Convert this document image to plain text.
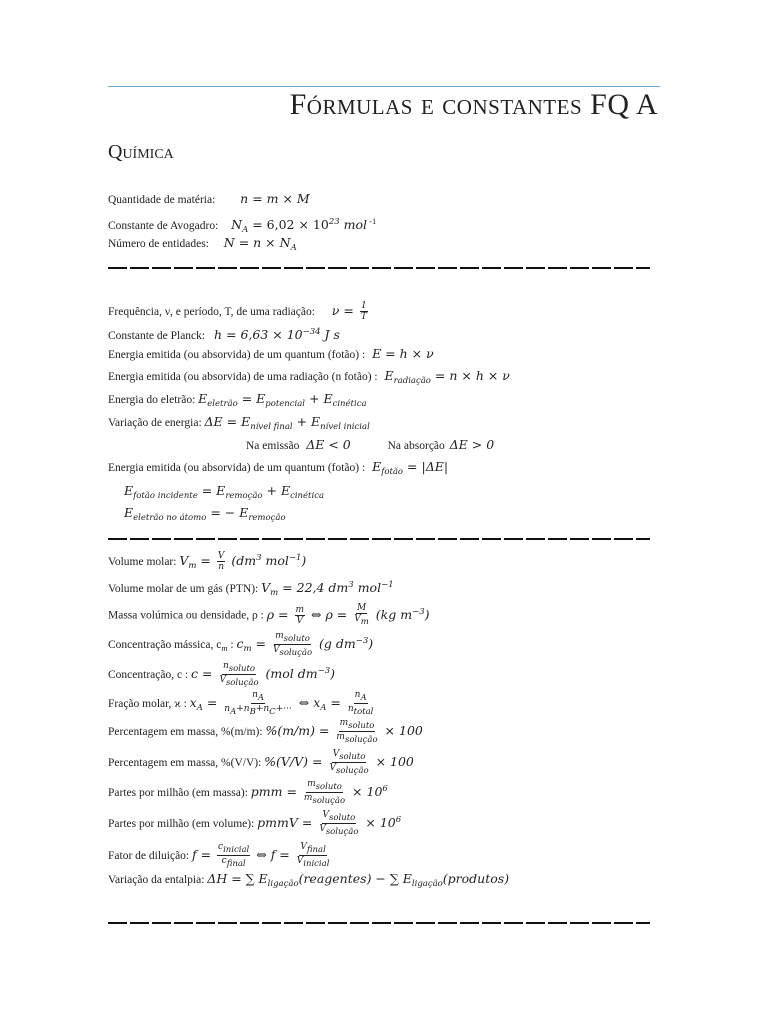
Fórmulas e constantes FQ A
Química
Quantidade de matéria: n = m × M
Constante de Avogadro: $N_A = 6,02 \times 10^{23}$ mol $^{-1}$
Número de entidades: $N = n \times N_A$
Frequência, ν, e período, T, de uma radiação: $\nu = \frac{1}{T}$
Constante de Planck: $h = 6,63 \times 10^{-34}$ J s
Energia emitida (ou absorvida) de um quantum (fotão) : E = h × ν
Energia emitida (ou absorvida) de uma radiação (n fotão) : $E_{radiação} = n \times h \times \nu$
Energia do eletrão: $E_{eletrão} = E_{potencial} + E_{cinética}$
Variação de energia: $\Delta E = E_{nível final} + E_{nível inicial}$
Na emissão ΔE < 0	Na absorção ΔE > 0
Energia emitida (ou absorvida) de um quantum (fotão) : $E_{fotão} = |\Delta E|$
$E_{fotão incidente} = E_{remoção} + E_{cinética}$
$E_{eletrão no átomo}$ = − $E_{remoção}$
Volume molar: $V_m = \frac{V}{n} (dm^3$ mol$^{-1}$)
Volume molar de um gás (PTN): $V_m = 22,4$ $dm^3$ mol$^{-1}$
Massa volúmica ou densidade, ρ : $\rho = \frac{m}{V}$ ⇔ $\rho = \frac{M}{Vm} (kg$ $m^{-3}$)
Concentração mássica, $c_m$ : $c_m = \frac{\text{msoluto}}{\text{Vsolução}} (g$ $dm^{-3}$)
Concentração, c : $c = \frac{\text{nsoluto}}{\text{Vsolução}} (mol$ $dm^{-3}$)
Fração molar, ϰ : $x_A = \frac{nA}{nA+nB+nC+\cdot\cdot\cdot}$ ⇔ $x_A = \frac{nA}{\text{ntotal}}$
Percentagem em massa, %(m/m): $\%(m/m) = \frac{\text{msoluto}}{\text{msolução}} \times 100$
Percentagem em massa, %(V/V): $\%(V/V) = \frac{\text{Vsoluto}}{\text{Vsolução}} \times 100$
Partes por milhão (em massa): pmm = $\frac{\text{msoluto}}{\text{msolução}} \times 10^6$
Partes por milhão (em volume): pmmV = $\frac{\text{Vsoluto}}{\text{Vsolução}} \times 10^6$
Fator de diluição: $f = \frac{\text{cinicial}}{\text{cfinal}}$ ⇔ $f = \frac{\text{Vfinal}}{\text{Vinicial}}$
Variação da entalpia: ΔH = ∑ $E_{ligação}(reagentes)$ − ∑ $E_{ligação}(produtos)$
